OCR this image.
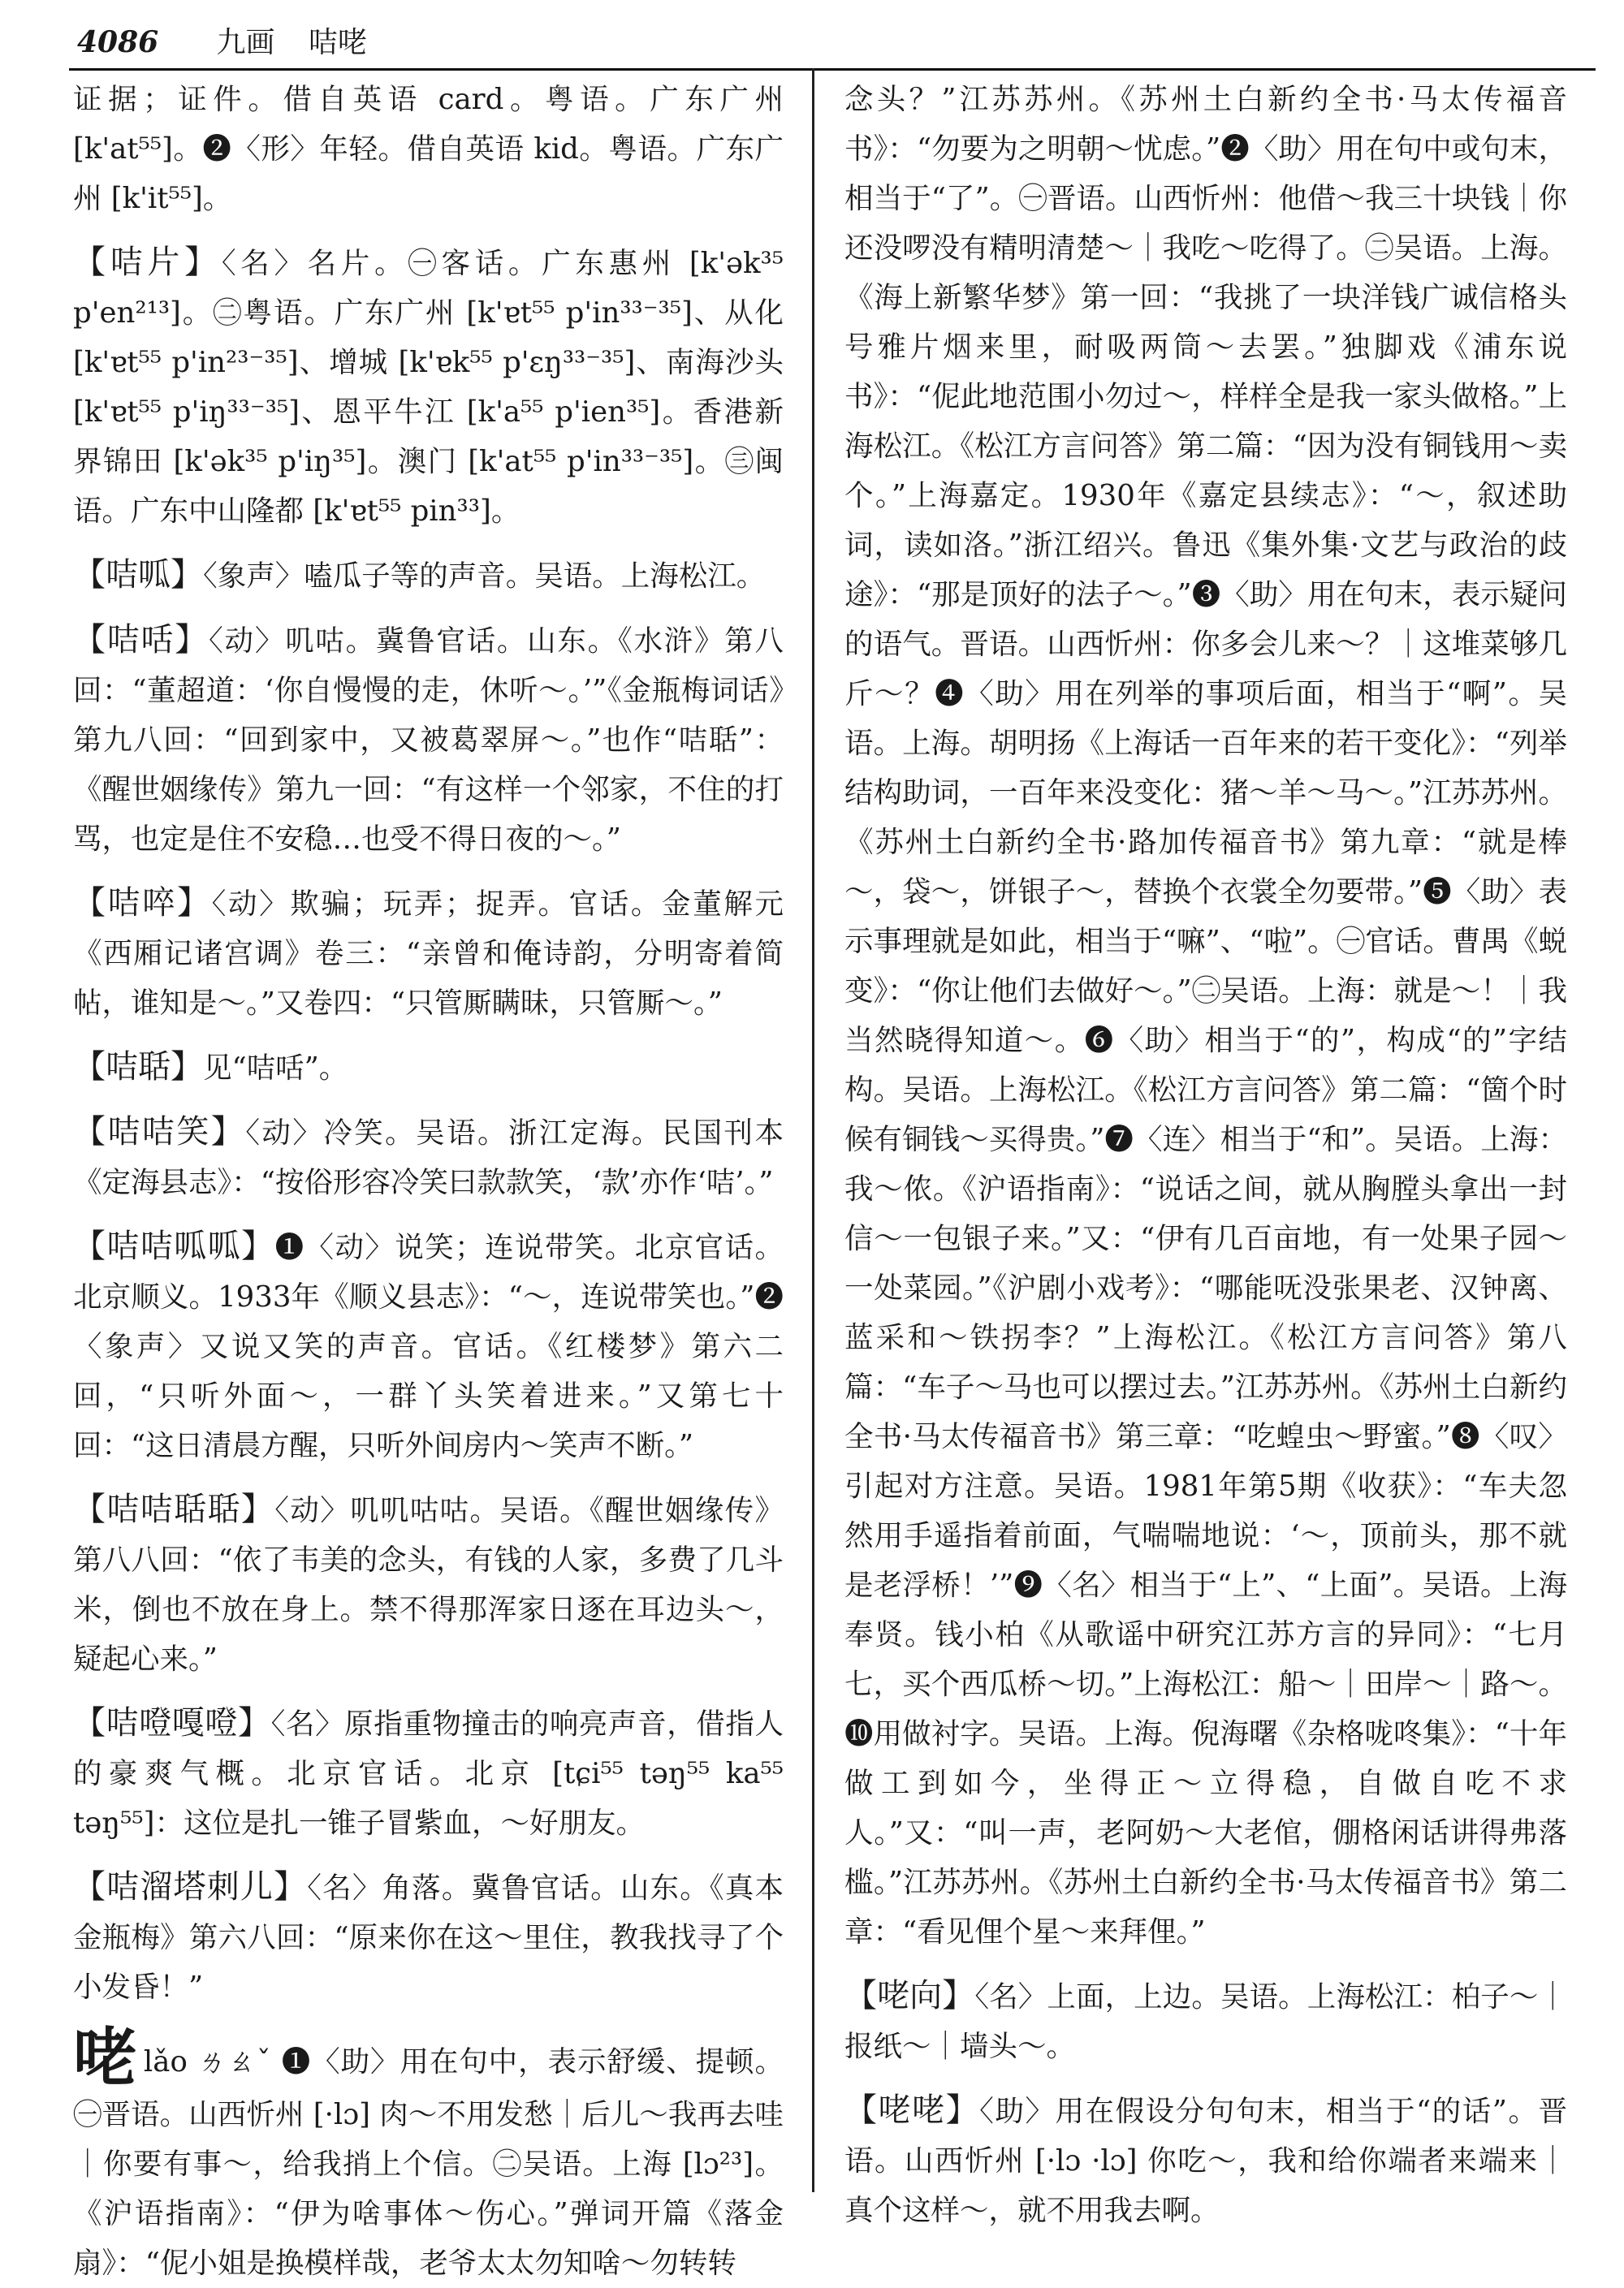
4086 九画 咭咾

证据；证件。借自英语 card。粤语。广东广州 [k'at⁵⁵]。❷〈形〉年轻。借自英语 kid。粤语。广东广州 [k'it⁵⁵]。

【咭片】〈名〉名片。㊀客话。广东惠州 [k'ək³⁵ p'en²¹³]。㊁粤语。广东广州 [k'ɐt⁵⁵ p'in³³⁻³⁵]、从化 [k'ɐt⁵⁵ p'in²³⁻³⁵]、增城 [k'ɐk⁵⁵ p'ɛŋ³³⁻³⁵]、南海沙头 [k'ɐt⁵⁵ p'iŋ³³⁻³⁵]、恩平牛江 [k'a⁵⁵ p'ien³⁵]。香港新界锦田 [k'ək³⁵ p'iŋ³⁵]。澳门 [k'at⁵⁵ p'in³³⁻³⁵]。㊂闽语。广东中山隆都 [k'ɐt⁵⁵ pin³³]。

【咭呱】〈象声〉嗑瓜子等的声音。吴语。上海松江。

【咭咶】〈动〉叽咕。冀鲁官话。山东。《水浒》第八回：“董超道：‘你自慢慢的走，休听～。’”《金瓶梅词话》第九八回：“回到家中，又被葛翠屏～。”也作“咭聒”：《醒世姻缘传》第九一回：“有这样一个邻家，不住的打骂，也定是住不安稳…也受不得日夜的～。”

【咭啐】〈动〉欺骗；玩弄；捉弄。官话。金董解元《西厢记诸宫调》卷三：“亲曾和俺诗韵，分明寄着简帖，谁知是～。”又卷四：“只管厮瞒昧，只管厮～。”

【咭聒】见“咭咶”。

【咭咭笑】〈动〉冷笑。吴语。浙江定海。民国刊本《定海县志》：“按俗形容冷笑曰款款笑，‘款’亦作‘咭’。”

【咭咭呱呱】❶〈动〉说笑；连说带笑。北京官话。北京顺义。1933年《顺义县志》：“～，连说带笑也。”❷〈象声〉又说又笑的声音。官话。《红楼梦》第六二回，“只听外面～，一群丫头笑着进来。”又第七十回：“这日清晨方醒，只听外间房内～笑声不断。”

【咭咭聒聒】〈动〉叽叽咕咕。吴语。《醒世姻缘传》第八八回：“依了韦美的念头，有钱的人家，多费了几斗米，倒也不放在身上。禁不得那浑家日逐在耳边头～，疑起心来。”

【咭噔嘎噔】〈名〉原指重物撞击的响亮声音，借指人的豪爽气概。北京官话。北京 [tɕi⁵⁵ təŋ⁵⁵ ka⁵⁵ təŋ⁵⁵]：这位是扎一锥子冒紫血，～好朋友。

【咭溜塔刺儿】〈名〉角落。冀鲁官话。山东。《真本金瓶梅》第六八回：“原来你在这～里住，教我找寻了个小发昏！”

咾lǎo ㄌㄠˇ ❶〈助〉用在句中，表示舒缓、提顿。㊀晋语。山西忻州 [·lɔ] 肉～不用发愁｜后儿～我再去哇｜你要有事～，给我捎上个信。㊁吴语。上海 [lɔ²³]。《沪语指南》：“伊为啥事体～伤心。”弹词开篇《落金扇》：“伲小姐是换模样哉，老爷太太勿知啥～勿转转

念头？”江苏苏州。《苏州土白新约全书·马太传福音书》：“勿要为之明朝～忧虑。”❷〈助〉用在句中或句末，相当于“了”。㊀晋语。山西忻州：他借～我三十块钱｜你还没啰没有精明清楚～｜我吃～吃得了。㊁吴语。上海。《海上新繁华梦》第一回：“我挑了一块洋钱广诚信格头号雅片烟来里，耐吸两筒～去罢。”独脚戏《浦东说书》：“伲此地范围小勿过～，样样全是我一家头做格。”上海松江。《松江方言问答》第二篇：“因为没有铜钱用～卖个。”上海嘉定。1930年《嘉定县续志》：“～，叙述助词，读如洛。”浙江绍兴。鲁迅《集外集·文艺与政治的歧途》：“那是顶好的法子～。”❸〈助〉用在句末，表示疑问的语气。晋语。山西忻州：你多会儿来～？｜这堆菜够几斤～？❹〈助〉用在列举的事项后面，相当于“啊”。吴语。上海。胡明扬《上海话一百年来的若干变化》：“列举结构助词，一百年来没变化：猪～羊～马～。”江苏苏州。《苏州土白新约全书·路加传福音书》第九章：“就是棒～，袋～，饼银子～，替换个衣裳全勿要带。”❺〈助〉表示事理就是如此，相当于“嘛”、“啦”。㊀官话。曹禺《蜕变》：“你让他们去做好～。”㊁吴语。上海：就是～！｜我当然晓得知道～。❻〈助〉相当于“的”，构成“的”字结构。吴语。上海松江。《松江方言问答》第二篇：“箇个时候有铜钱～买得贵。”❼〈连〉相当于“和”。吴语。上海：我～侬。《沪语指南》：“说话之间，就从胸膛头拿出一封信～一包银子来。”又：“伊有几百亩地，有一处果子园～一处菜园。”《沪剧小戏考》：“哪能呒没张果老、汉钟离、蓝采和～铁拐李？”上海松江。《松江方言问答》第八篇：“车子～马也可以摆过去。”江苏苏州。《苏州土白新约全书·马太传福音书》第三章：“吃蝗虫～野蜜。”❽〈叹〉引起对方注意。吴语。1981年第5期《收获》：“车夫忽然用手遥指着前面，气喘喘地说：‘～，顶前头，那不就是老浮桥！’”❾〈名〉相当于“上”、“上面”。吴语。上海奉贤。钱小柏《从歌谣中研究江苏方言的异同》：“七月七，买个西瓜桥～切。”上海松江：船～｜田岸～｜路～。❿用做衬字。吴语。上海。倪海曙《杂格咙咚集》：“十年做工到如今，坐得正～立得稳，自做自吃不求人。”又：“叫一声，老阿奶～大老倌，倗格闲话讲得弗落槛。”江苏苏州。《苏州土白新约全书·马太传福音书》第二章：“看见俚个星～来拜俚。”

【咾向】〈名〉上面，上边。吴语。上海松江：柏子～｜报纸～｜墙头～。

【咾咾】〈助〉用在假设分句句末，相当于“的话”。晋语。山西忻州 [·lɔ ·lɔ] 你吃～，我和给你端者来端来｜真个这样～，就不用我去啊。
